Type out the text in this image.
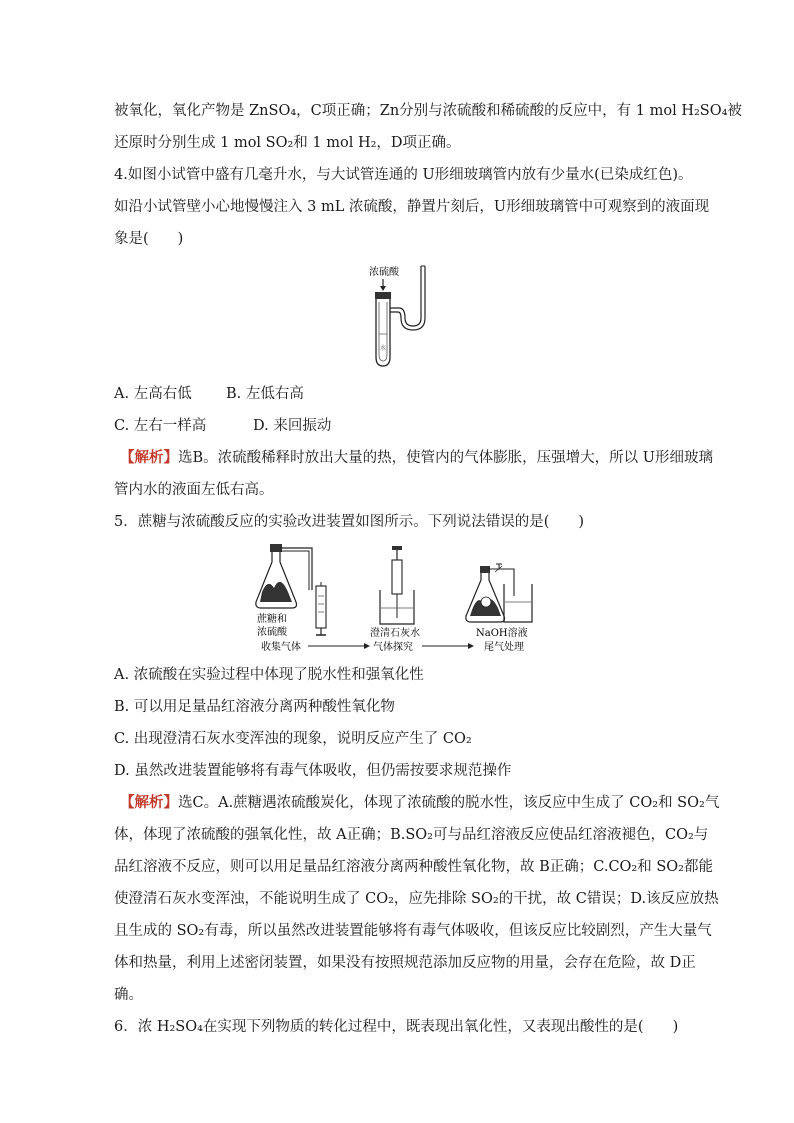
被氧化，氧化产物是 ZnSO₄，C项正确；Zn分别与浓硫酸和稀硫酸的反应中，有 1 mol H₂SO₄被
还原时分别生成 1 mol SO₂和 1 mol H₂，D项正确。
4.如图小试管中盛有几毫升水，与大试管连通的 U形细玻璃管内放有少量水(已染成红色)。
如沿小试管壁小心地慢慢注入 3 mL 浓硫酸，静置片刻后，U形细玻璃管中可观察到的液面现
象是(　　)
浓硫酸
水
A. 左高右低 B. 左低右高
C. 左右一样高	D. 来回振动
【解析】选B。浓硫酸稀释时放出大量的热，使管内的气体膨胀，压强增大，所以 U形细玻璃
管内水的液面左低右高。
5．蔗糖与浓硫酸反应的实验改进装置如图所示。下列说法错误的是(　　)
蔗糖和
浓硫酸
收集气体
澄清石灰水
气体探究
NaOH溶液
尾气处理
A. 浓硫酸在实验过程中体现了脱水性和强氧化性
B. 可以用足量品红溶液分离两种酸性氧化物
C. 出现澄清石灰水变浑浊的现象，说明反应产生了 CO₂
D. 虽然改进装置能够将有毒气体吸收，但仍需按要求规范操作
【解析】选C。A.蔗糖遇浓硫酸炭化，体现了浓硫酸的脱水性，该反应中生成了 CO₂和 SO₂气
体，体现了浓硫酸的强氧化性，故 A正确；B.SO₂可与品红溶液反应使品红溶液褪色，CO₂与
品红溶液不反应，则可以用足量品红溶液分离两种酸性氧化物，故 B正确；C.CO₂和 SO₂都能
使澄清石灰水变浑浊，不能说明生成了 CO₂，应先排除 SO₂的干扰，故 C错误；D.该反应放热
且生成的 SO₂有毒，所以虽然改进装置能够将有毒气体吸收，但该反应比较剧烈，产生大量气
体和热量，利用上述密闭装置，如果没有按照规范添加反应物的用量，会存在危险，故 D正
确。
6．浓 H₂SO₄在实现下列物质的转化过程中，既表现出氧化性，又表现出酸性的是(　　)
